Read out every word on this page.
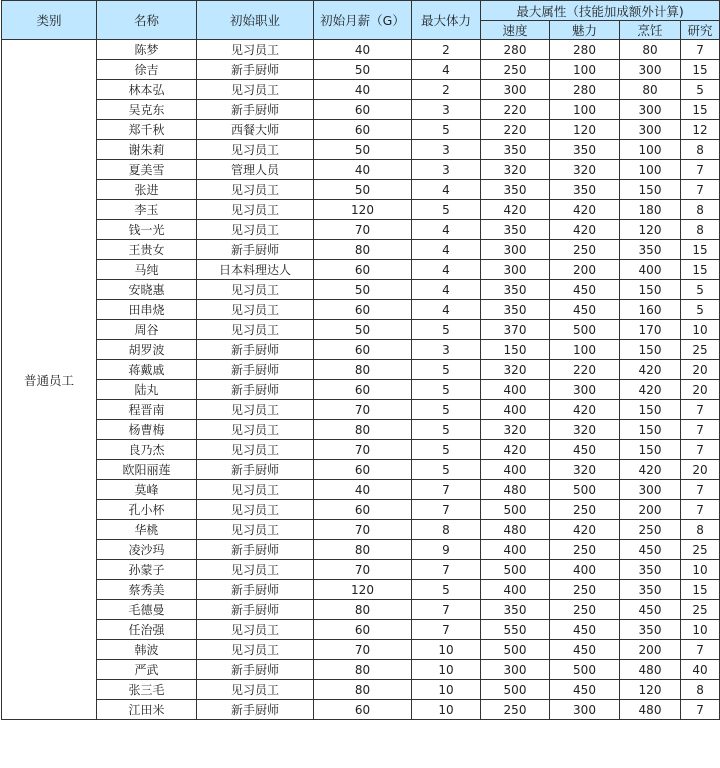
类别	名称	初始职业	初始月薪（G）	最大体力	最大属性（技能加成额外计算)			
					速度	魅力	烹饪	研究
普通员工	陈梦	见习员工	40	2	280	280	80	7
	徐吉	新手厨师	50	4	250	100	300	15
	林本弘	见习员工	40	2	300	280	80	5
	吴克东	新手厨师	60	3	220	100	300	15
	郑千秋	西餐大师	60	5	220	120	300	12
	谢朱莉	见习员工	50	3	350	350	100	8
	夏美雪	管理人员	40	3	320	320	100	7
	张进	见习员工	50	4	350	350	150	7
	李玉	见习员工	120	5	420	420	180	8
	钱一光	见习员工	70	4	350	420	120	8
	王贵女	新手厨师	80	4	300	250	350	15
	马纯	日本料理达人	60	4	300	200	400	15
	安晓惠	见习员工	50	4	350	450	150	5
	田串烧	见习员工	60	4	350	450	160	5
	周谷	见习员工	50	5	370	500	170	10
	胡罗波	新手厨师	60	3	150	100	150	25
	蒋戴戚	新手厨师	80	5	320	220	420	20
	陆丸	新手厨师	60	5	400	300	420	20
	程晋南	见习员工	70	5	400	420	150	7
	杨曹梅	见习员工	80	5	320	320	150	7
	良乃杰	见习员工	70	5	420	450	150	7
	欧阳丽莲	新手厨师	60	5	400	320	420	20
	莫峰	见习员工	40	7	480	500	300	7
	孔小杯	见习员工	60	7	500	250	200	7
	华桃	见习员工	70	8	480	420	250	8
	凌沙玛	新手厨师	80	9	400	250	450	25
	孙蒙子	见习员工	70	7	500	400	350	10
	蔡秀美	新手厨师	120	5	400	250	350	15
	毛德曼	新手厨师	80	7	350	250	450	25
	任治强	见习员工	60	7	550	450	350	10
	韩波	见习员工	70	10	500	450	200	7
	严武	新手厨师	80	10	300	500	480	40
	张三毛	见习员工	80	10	500	450	120	8
	江田米	新手厨师	60	10	250	300	480	7
